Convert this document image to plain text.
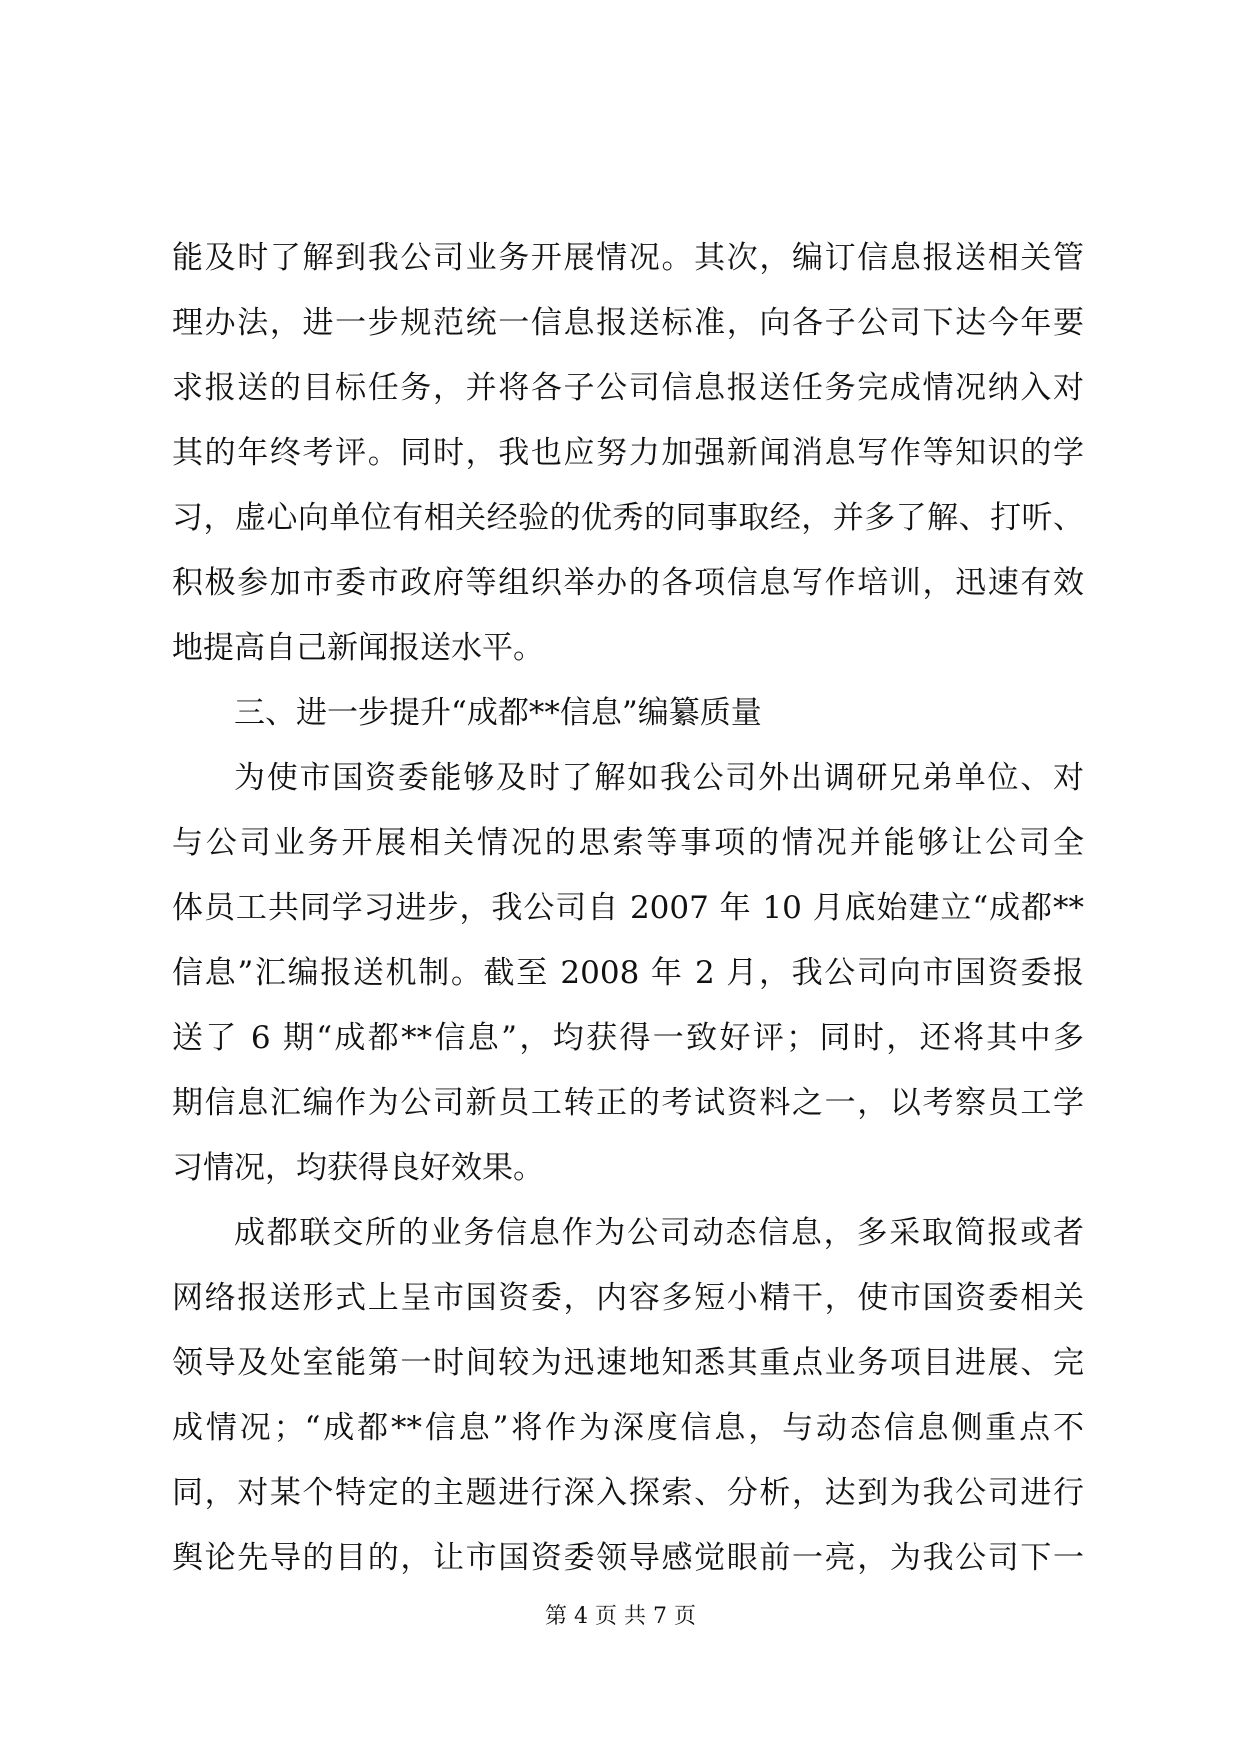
能及时了解到我公司业务开展情况。其次，编订信息报送相关管
理办法，进一步规范统一信息报送标准，向各子公司下达今年要
求报送的目标任务，并将各子公司信息报送任务完成情况纳入对
其的年终考评。同时，我也应努力加强新闻消息写作等知识的学
习，虚心向单位有相关经验的优秀的同事取经，并多了解、打听、
积极参加市委市政府等组织举办的各项信息写作培训，迅速有效
地提高自己新闻报送水平。
三、进一步提升“成都**信息”编纂质量
为使市国资委能够及时了解如我公司外出调研兄弟单位、对
与公司业务开展相关情况的思索等事项的情况并能够让公司全
体员工共同学习进步，我公司自 2007 年 10 月底始建立“成都**
信息”汇编报送机制。截至 2008 年 2 月，我公司向市国资委报
送了 6 期“成都**信息”，均获得一致好评；同时，还将其中多
期信息汇编作为公司新员工转正的考试资料之一，以考察员工学
习情况，均获得良好效果。
成都联交所的业务信息作为公司动态信息，多采取简报或者
网络报送形式上呈市国资委，内容多短小精干，使市国资委相关
领导及处室能第一时间较为迅速地知悉其重点业务项目进展、完
成情况；“成都**信息”将作为深度信息，与动态信息侧重点不
同，对某个特定的主题进行深入探索、分析，达到为我公司进行
舆论先导的目的，让市国资委领导感觉眼前一亮，为我公司下一
第 4 页 共 7 页
